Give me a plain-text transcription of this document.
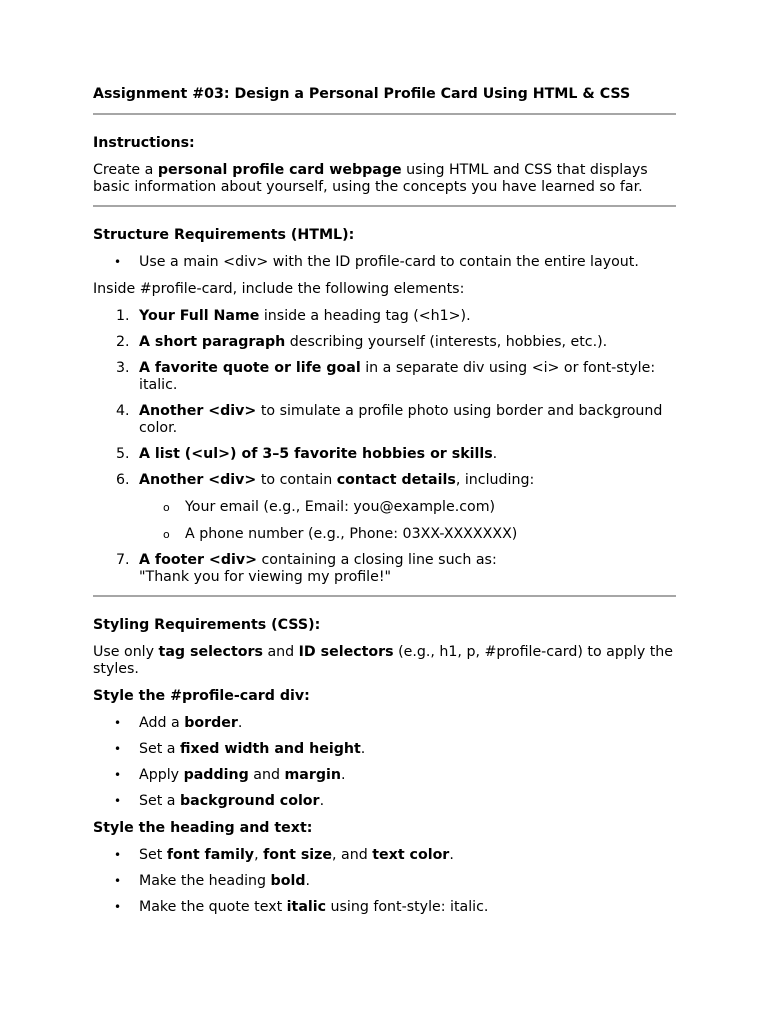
Assignment #03: Design a Personal Profile Card Using HTML & CSS

Instructions:

Create a personal profile card webpage using HTML and CSS that displays basic information about yourself, using the concepts you have learned so far.

Structure Requirements (HTML):

• Use a main <div> with the ID profile-card to contain the entire layout.

Inside #profile-card, include the following elements:

1. Your Full Name inside a heading tag (<h1>).
2. A short paragraph describing yourself (interests, hobbies, etc.).
3. A favorite quote or life goal in a separate div using <i> or font-style: italic.
4. Another <div> to simulate a profile photo using border and background color.
5. A list (<ul>) of 3–5 favorite hobbies or skills.
6. Another <div> to contain contact details, including:
o Your email (e.g., Email: you@example.com)
o A phone number (e.g., Phone: 03XX-XXXXXXX)
7. A footer <div> containing a closing line such as:
"Thank you for viewing my profile!"

Styling Requirements (CSS):

Use only tag selectors and ID selectors (e.g., h1, p, #profile-card) to apply the styles.

Style the #profile-card div:

• Add a border.
• Set a fixed width and height.
• Apply padding and margin.
• Set a background color.

Style the heading and text:

• Set font family, font size, and text color.
• Make the heading bold.
• Make the quote text italic using font-style: italic.
